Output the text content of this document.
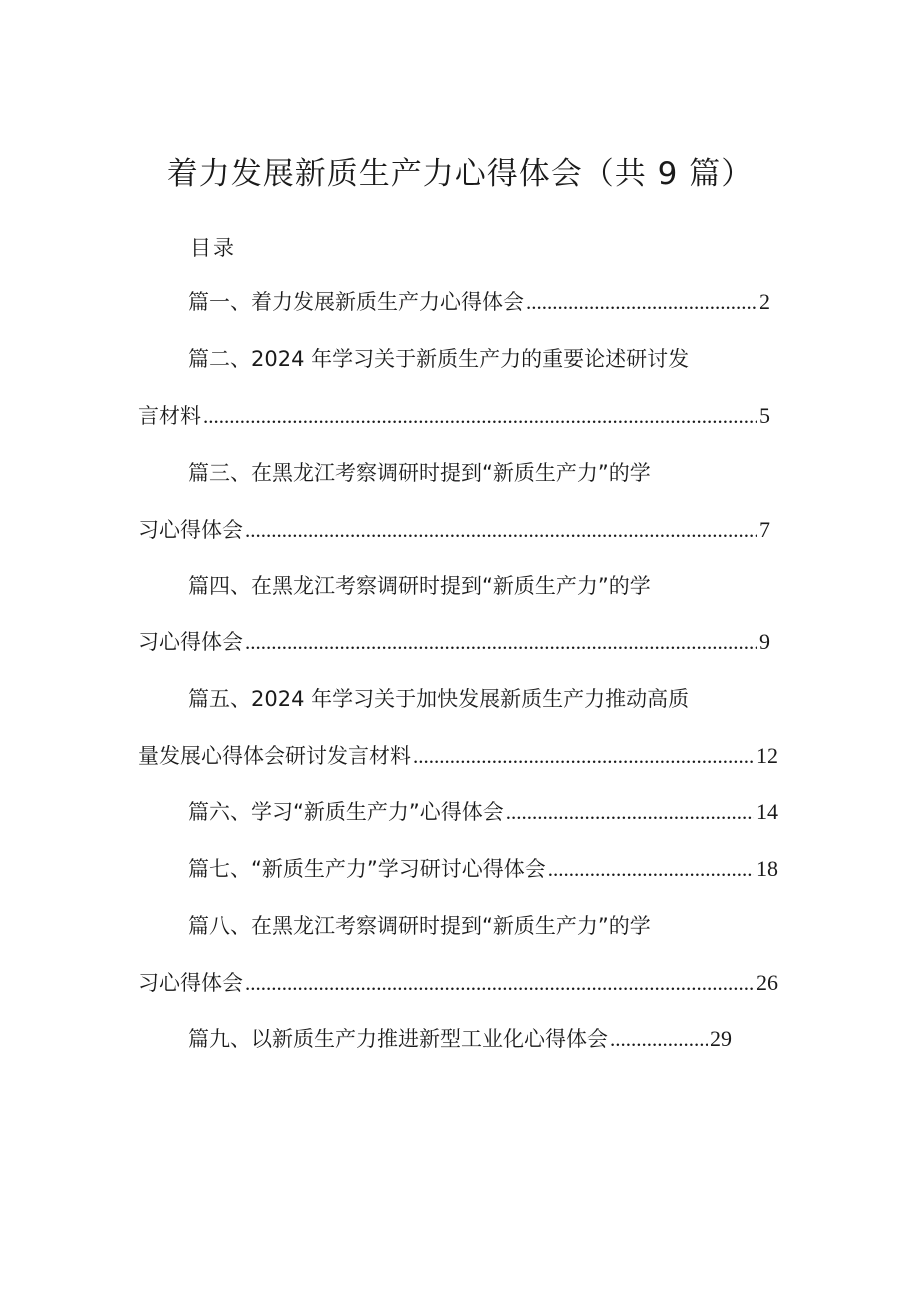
着力发展新质生产力心得体会（共 9 篇）
目录
篇一、着力发展新质生产力心得体会 .....	2
篇二、2024 年学习关于新质生产力的重要论述研讨发
言材料 .....	5
篇三、在黑龙江考察调研时提到“新质生产力”的学
习心得体会 .....	7
篇四、在黑龙江考察调研时提到“新质生产力”的学
习心得体会 .....	9
篇五、2024 年学习关于加快发展新质生产力推动高质
量发展心得体会研讨发言材料 .....	12
篇六、学习“新质生产力”心得体会 .....	14
篇七、“新质生产力”学习研讨心得体会 .....	18
篇八、在黑龙江考察调研时提到“新质生产力”的学
习心得体会 .....	26
篇九、以新质生产力推进新型工业化心得体会 .....	29
